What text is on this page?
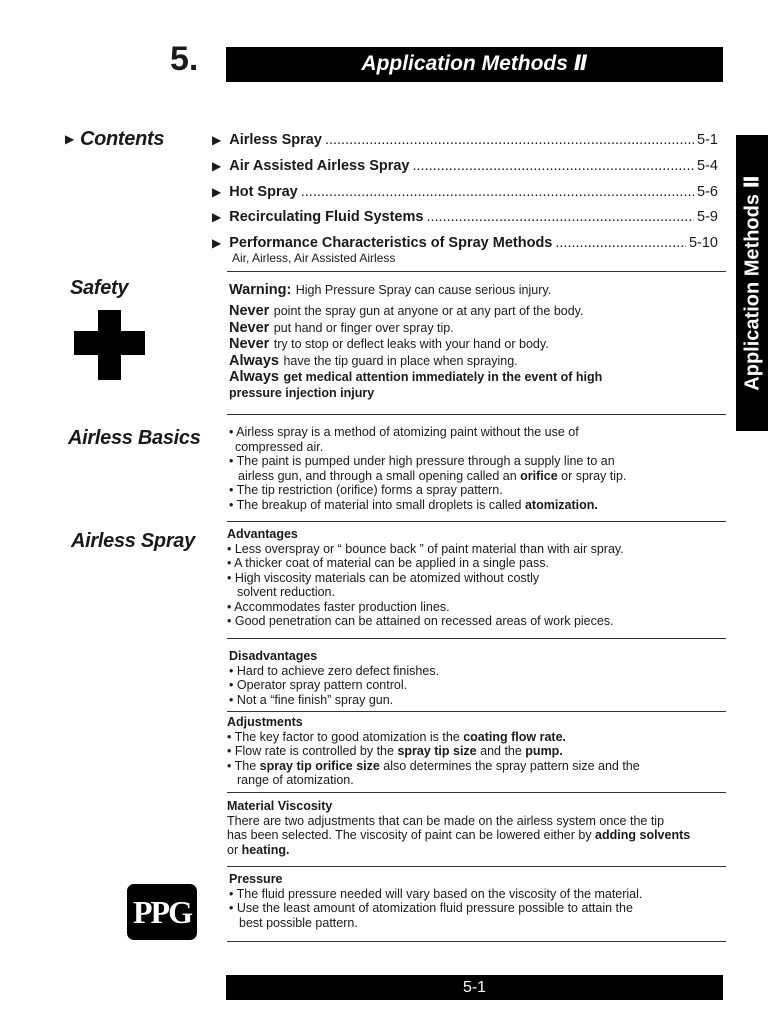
5.	Application Methods Ⅱ
Application Methods Ⅱ
▶ Contents	▶ Airless Spray .....	5-1
▶ Air Assisted Airless Spray .....	5-4
▶ Hot Spray .....	5-6
▶ Recirculating Fluid Systems .....	5-9
▶ Performance Characteristics of Spray Methods .....	5-10
Air, Airless, Air Assisted Airless
Safety	Warning: High Pressure Spray can cause serious injury.
Never point the spray gun at anyone or at any part of the body.
Never put hand or finger over spray tip.
Never try to stop or deflect leaks with your hand or body.
Always have the tip guard in place when spraying.
Always get medical attention immediately in the event of high
pressure injection injury
Airless Basics • Airless spray is a method of atomizing paint without the use of
compressed air.
• The paint is pumped under high pressure through a supply line to an
airless gun, and through a small opening called an orifice or spray tip.
• The tip restriction (orifice) forms a spray pattern.
• The breakup of material into small droplets is called atomization.
Airless Spray	Advantages
• Less overspray or “ bounce back ” of paint material than with air spray.
• A thicker coat of material can be applied in a single pass.
• High viscosity materials can be atomized without costly
solvent reduction.
• Accommodates faster production lines.
• Good penetration can be attained on recessed areas of work pieces.
Disadvantages
• Hard to achieve zero defect finishes.
• Operator spray pattern control.
• Not a “fine finish” spray gun.
Adjustments
• The key factor to good atomization is the coating flow rate.
• Flow rate is controlled by the spray tip size and the pump.
• The spray tip orifice size also determines the spray pattern size and the
range of atomization.
Material Viscosity
There are two adjustments that can be made on the airless system once the tip
has been selected. The viscosity of paint can be lowered either by adding solvents
or heating.
Pressure
• The fluid pressure needed will vary based on the viscosity of the material.
• Use the least amount of atomization fluid pressure possible to attain the
best possible pattern.
PPG
5-1
